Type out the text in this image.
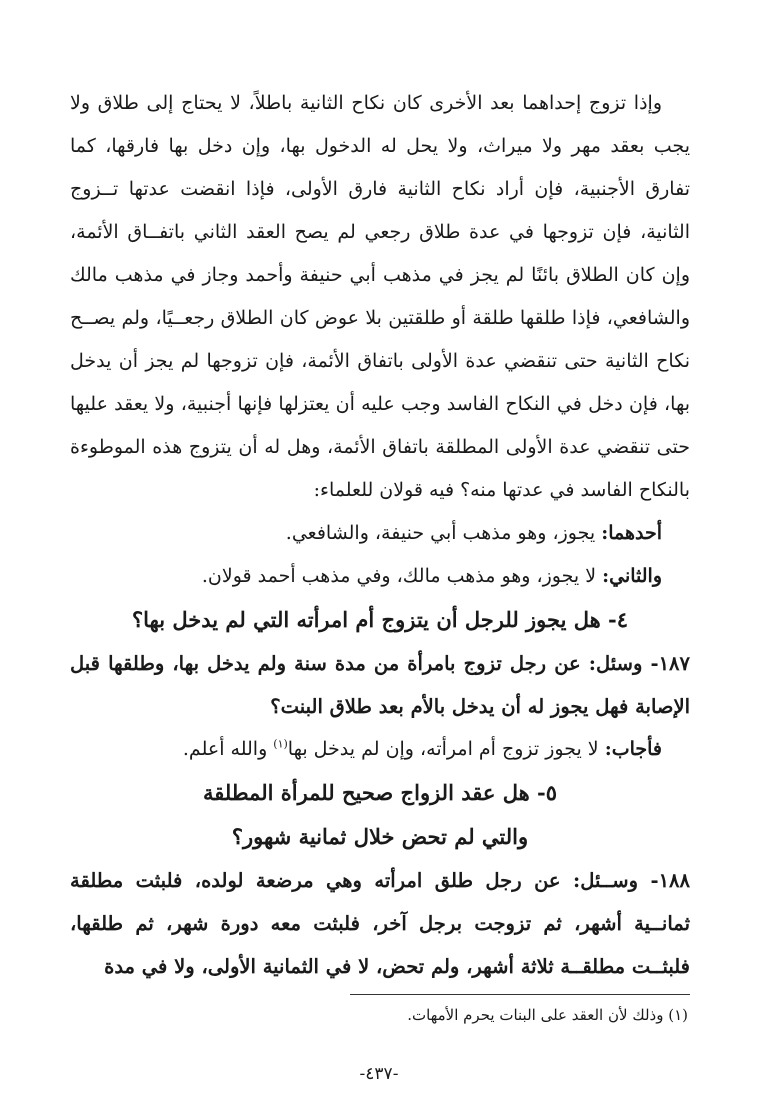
وإذا تزوج إحداهما بعد الأخرى كان نكاح الثانية باطلاً، لا يحتاج إلى طلاق ولا يجب بعقد مهر ولا ميراث، ولا يحل له الدخول بها، وإن دخل بها فارقها، كما تفارق الأجنبية، فإن أراد نكاح الثانية فارق الأولى، فإذا انقضت عدتها تــزوج الثانية، فإن تزوجها في عدة طلاق رجعي لم يصح العقد الثاني باتفــاق الأئمة، وإن كان الطلاق بائنًا لم يجز في مذهب أبي حنيفة وأحمد وجاز في مذهب مالك والشافعي، فإذا طلقها طلقة أو طلقتين بلا عوض كان الطلاق رجعــيًا، ولم يصــح نكاح الثانية حتى تنقضي عدة الأولى باتفاق الأئمة، فإن تزوجها لم يجز أن يدخل بها، فإن دخل في النكاح الفاسد وجب عليه أن يعتزلها فإنها أجنبية، ولا يعقد عليها حتى تنقضي عدة الأولى المطلقة باتفاق الأئمة، وهل له أن يتزوج هذه الموطوءة بالنكاح الفاسد في عدتها منه؟ فيه قولان للعلماء:

أحدهما: يجوز، وهو مذهب أبي حنيفة، والشافعي.

والثاني: لا يجوز، وهو مذهب مالك، وفي مذهب أحمد قولان.

٤- هل يجوز للرجل أن يتزوج أم امرأته التي لم يدخل بها؟

١٨٧- وسئل: عن رجل تزوج بامرأة من مدة سنة ولم يدخل بها، وطلقها قبل الإصابة فهل يجوز له أن يدخل بالأم بعد طلاق البنت؟

فأجاب: لا يجوز تزوج أم امرأته، وإن لم يدخل بها$^{(١)}$ والله أعلم.

٥- هل عقد الزواج صحيح للمرأة المطلقة
والتي لم تحض خلال ثمانية شهور؟

١٨٨- وســئل: عن رجل طلق امرأته وهي مرضعة لولده، فلبثت مطلقة ثمانــية أشهر، ثم تزوجت برجل آخر، فلبثت معه دورة شهر، ثم طلقها، فلبثــت مطلقــة ثلاثة أشهر، ولم تحض، لا في الثمانية الأولى، ولا في مدة

(١) وذلك لأن العقد على البنات يحرم الأمهات.

-٤٣٧-
